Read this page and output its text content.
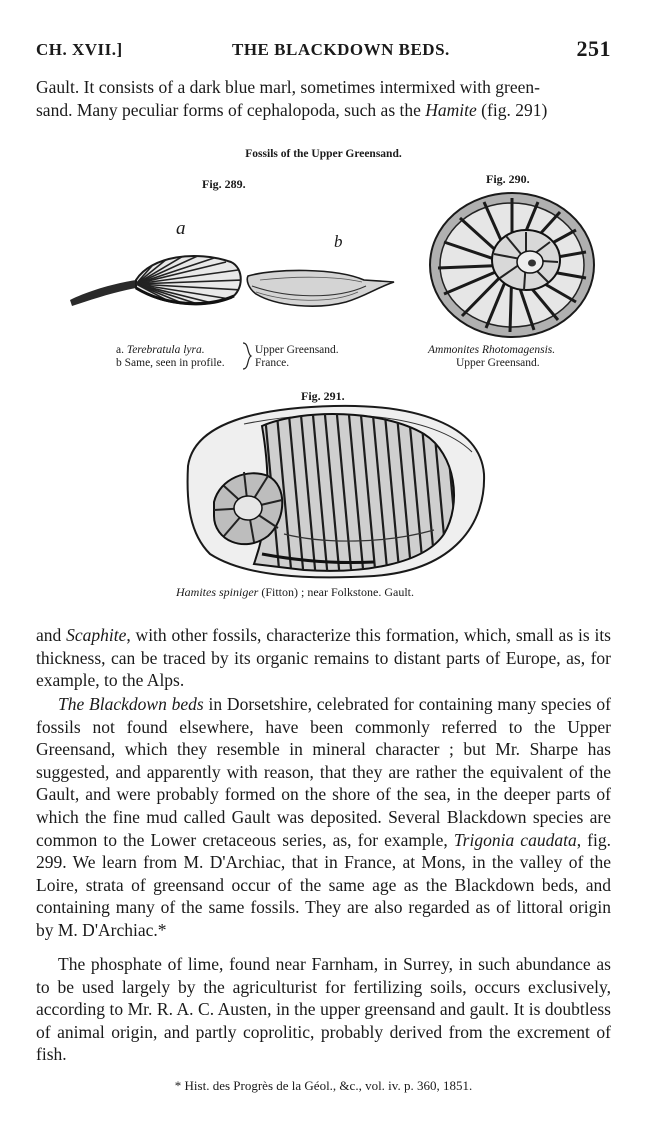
CH. XVII.]	THE BLACKDOWN BEDS.	251

Gault. It consists of a dark blue marl, sometimes intermixed with green-
sand. Many peculiar forms of cephalopoda, such as the Hamite (fig. 291)

Fossils of the Upper Greensand.
Fig. 289.
a
b
a. Terebratula lyra.
b Same, seen in profile.
Upper Greensand.
France.
Fig. 290.
Ammonites Rhotomagensis.
Upper Greensand.
Fig. 291.
Hamites spiniger (Fitton) ; near Folkstone. Gault.

and Scaphite, with other fossils, characterize this formation, which, small as is its thickness, can be traced by its organic remains to distant parts of Europe, as, for example, to the Alps.

The Blackdown beds in Dorsetshire, celebrated for containing many species of fossils not found elsewhere, have been commonly referred to the Upper Greensand, which they resemble in mineral character ; but Mr. Sharpe has suggested, and apparently with reason, that they are rather the equivalent of the Gault, and were probably formed on the shore of the sea, in the deeper parts of which the fine mud called Gault was deposited. Several Blackdown species are common to the Lower cretaceous series, as, for example, Trigonia caudata, fig. 299. We learn from M. D'Archiac, that in France, at Mons, in the valley of the Loire, strata of greensand occur of the same age as the Blackdown beds, and containing many of the same fossils. They are also regarded as of littoral origin by M. D'Archiac.*

The phosphate of lime, found near Farnham, in Surrey, in such abundance as to be used largely by the agriculturist for fertilizing soils, occurs exclusively, according to Mr. R. A. C. Austen, in the upper greensand and gault. It is doubtless of animal origin, and partly coprolitic, probably derived from the excrement of fish.

* Hist. des Progrès de la Géol., &c., vol. iv. p. 360, 1851.
